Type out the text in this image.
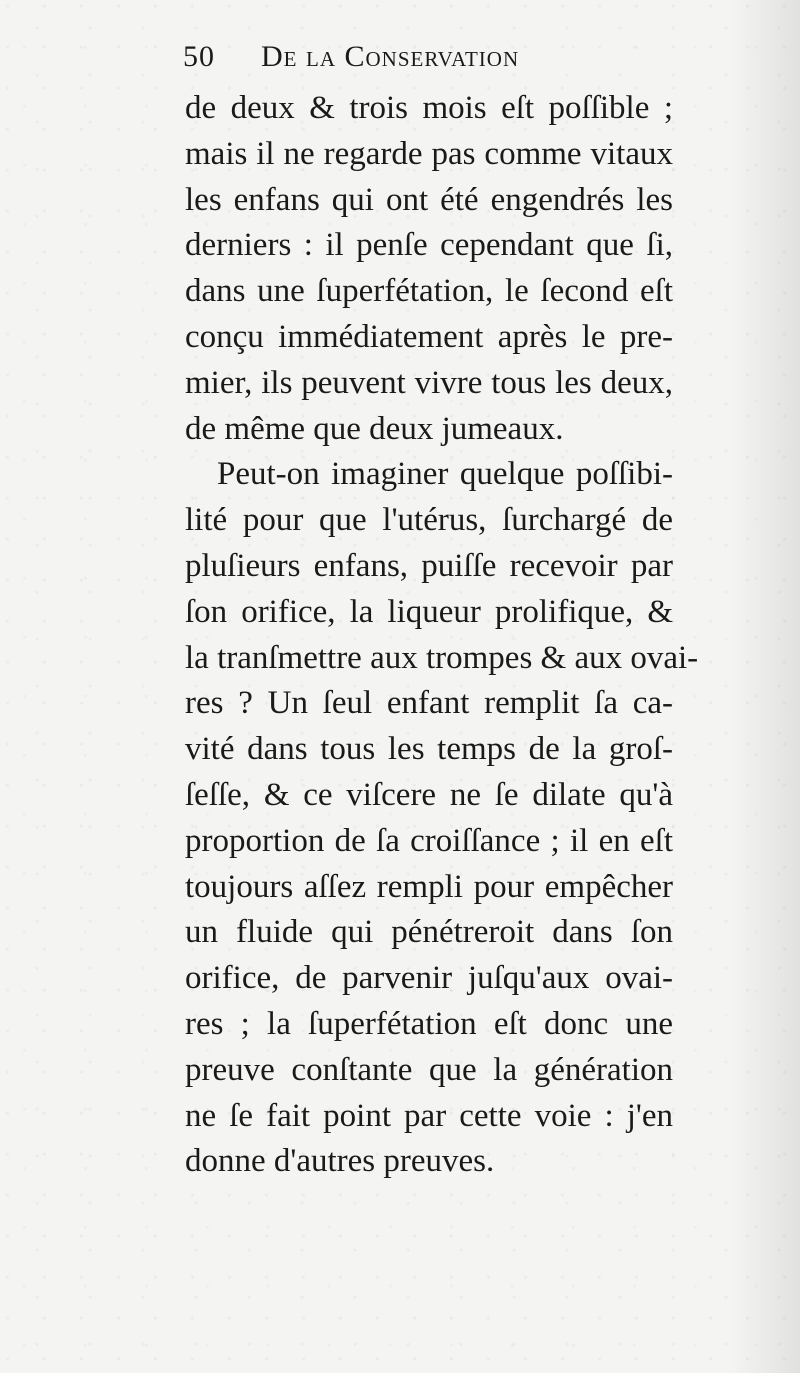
50 De la Conservation
de deux & trois mois eſt poſſible ;
mais il ne regarde pas comme vitaux
les enfans qui ont été engendrés les
derniers : il penſe cependant que ſi,
dans une ſuperfétation, le ſecond eſt
conçu immédiatement après le pre-
mier, ils peuvent vivre tous les deux,
de même que deux jumeaux.
Peut-on imaginer quelque poſſibi-
lité pour que l'utérus, ſurchargé de
pluſieurs enfans, puiſſe recevoir par
ſon orifice, la liqueur prolifique, &
la tranſmettre aux trompes & aux ovai-
res ? Un ſeul enfant remplit ſa ca-
vité dans tous les temps de la groſ-
ſeſſe, & ce viſcere ne ſe dilate qu'à
proportion de ſa croiſſance ; il en eſt
toujours aſſez rempli pour empêcher
un fluide qui pénétreroit dans ſon
orifice, de parvenir juſqu'aux ovai-
res ; la ſuperfétation eſt donc une
preuve conſtante que la génération
ne ſe fait point par cette voie : j'en
donne d'autres preuves.
